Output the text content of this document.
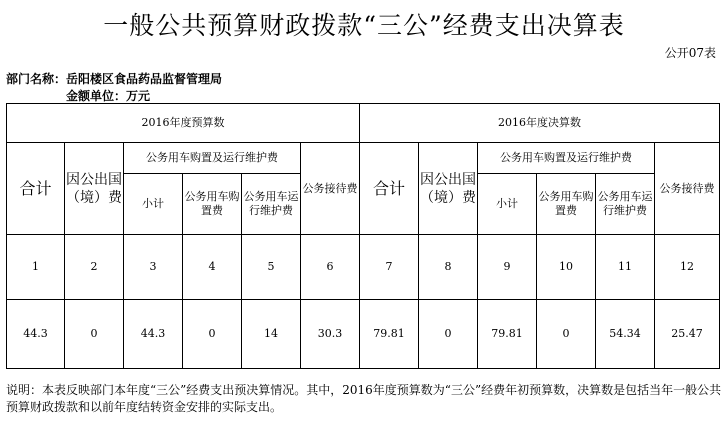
一般公共预算财政拨款“三公”经费支出决算表
公开07表
部门名称：岳阳楼区食品药品监督管理局
金额单位：万元
2016年度预算数						2016年度决算数					
合计	因公出国（境）费	公务用车购置及运行维护费			公务接待费	合计	因公出国（境）费	公务用车购置及运行维护费			公务接待费
		小计	公务用车购置费	公务用车运行维护费				小计	公务用车购置费	公务用车运行维护费	
1	2	3	4	5	6	7	8	9	10	11	12
44.3	0	44.3	0	14	30.3	79.81	0	79.81	0	54.34	25.47
说明：本表反映部门本年度“三公”经费支出预决算情况。其中，2016年度预算数为“三公”经费年初预算数，决算数是包括当年一般公共预算财政拨款和以前年度结转资金安排的实际支出。
